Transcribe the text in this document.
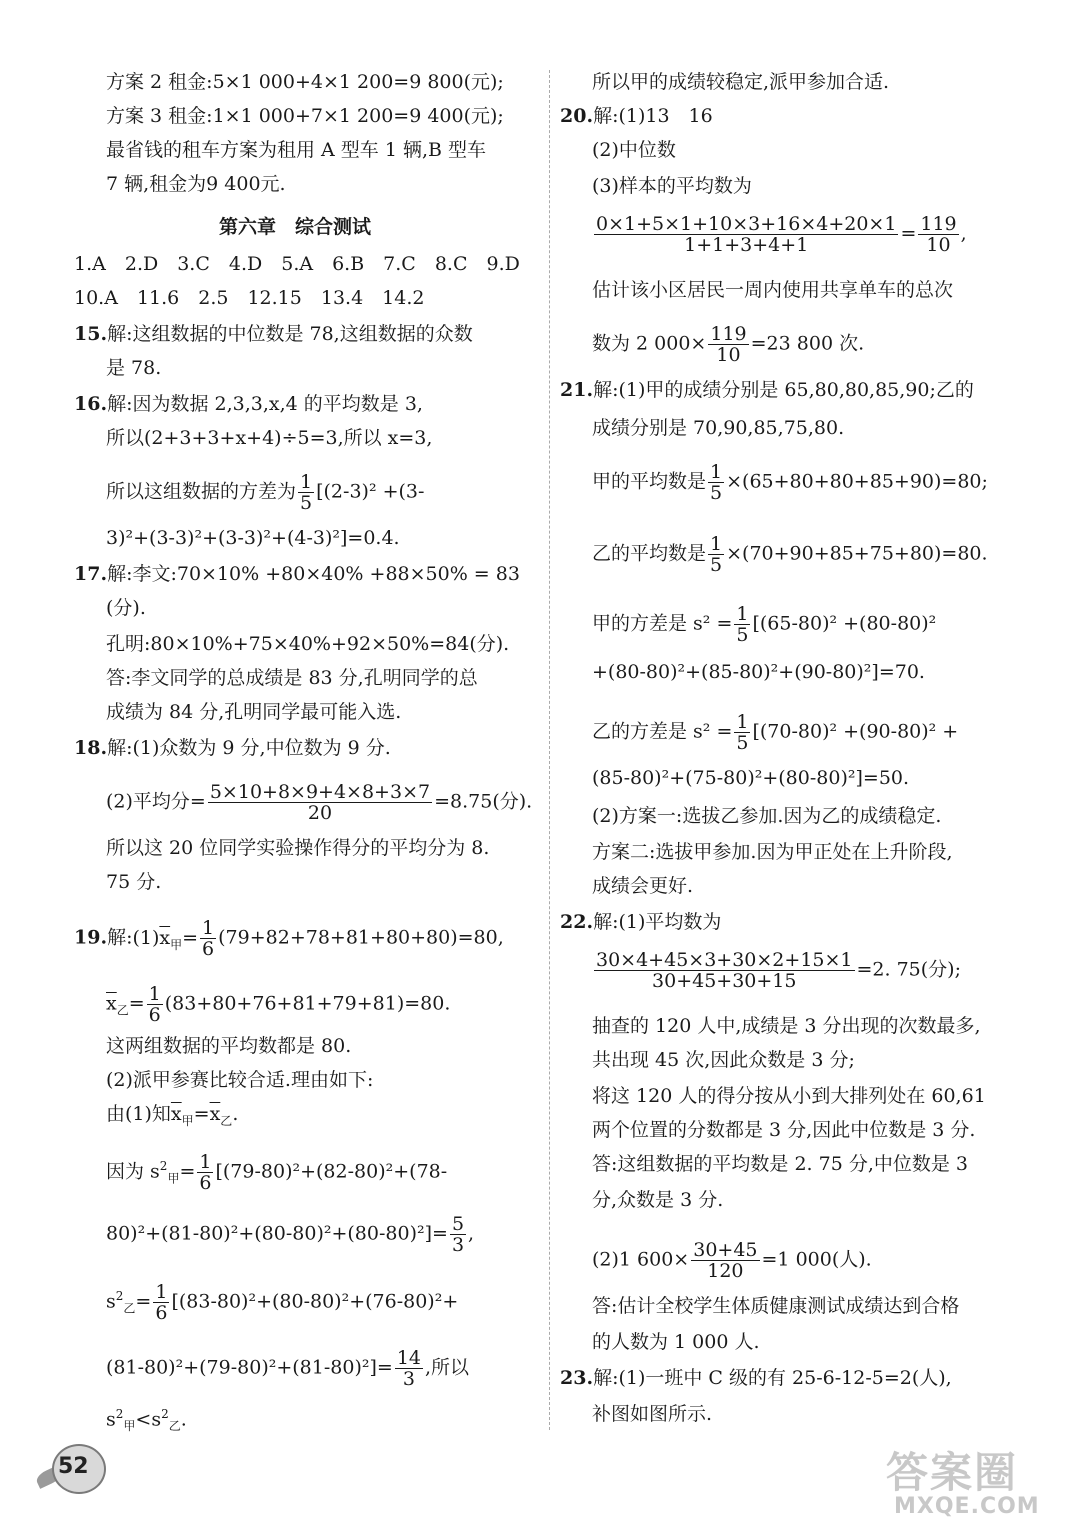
方案 2 租金:5×1 000+4×1 200=9 800(元);
方案 3 租金:1×1 000+7×1 200=9 400(元);
最省钱的租车方案为租用 A 型车 1 辆,B 型车
7 辆,租金为9 400元.
第六章　综合测试
1.A　2.D　3.C　4.D　5.A　6.B　7.C　8.C　9.D
10.A　11.6　2.5　12.15　13.4　14.2
15.解:这组数据的中位数是 78,这组数据的众数
是 78.
16.解:因为数据 2,3,3,x,4 的平均数是 3,
所以(2+3+3+x+4)÷5=3,所以 x=3,
所以这组数据的方差为 $\frac{1}{5} [(2-3)^2 +(3-$
3)²+(3-3)²+(3-3)²+(4-3)²]=0.4.
17.解:李文:70×10% +80×40% +88×50% = 83
(分).
孔明:80×10%+75×40%+92×50%=84(分).
答:李文同学的总成绩是 83 分,孔明同学的总
成绩为 84 分,孔明同学最可能入选.
18.解:(1)众数为 9 分,中位数为 9 分.
(2)平均分= $\frac{5\times 10+8\times 9+4\times 8+3\times 7}{20} =8.75$(分).
所以这 20 位同学实验操作得分的平均分为 8.
75 分.
19.解$:(1)\overline{x}_甲= \frac{1}{6} (79+82+78+81+80+80)=80$,
$\overline{x}_乙= \frac{1}{6} (83+80+76+81+79+81)=80$.
这两组数据的平均数都是 80.
(2)派甲参赛比较合适.理由如下:
由(1)知$\overline{x}_甲=\overline{x}_乙$.
因为 $s^2_甲= \frac{1}{6} [(79-80)^2+(82-80)^2+(78-$
$80)^2+(81-80)^2+(80-80)^2+(80-80)^2]= \frac{5}{3}$ ,
$s^2_乙= \frac{1}{6} [(83-80)^2+(80-80)^2+(76-80)^2+$
$(81-80)^2+(79-80)^2+(81-80)^2]= \frac{14}{3}$ ,所以
$s^2_甲<s^2_乙$.
所以甲的成绩较稳定,派甲参加合适.
20.解:(1)13　16
(2)中位数
(3)样本的平均数为
$\frac{0\times 1+5\times 1+10\times 3+16\times 4+20\times 1}{1+1+3+4+1} = \frac{119}{10}$ ,
估计该小区居民一周内使用共享单车的总次
数为 2 $000\times \frac{119}{10} =23$ 800 次.
21.解:(1)甲的成绩分别是 65,80,80,85,90;乙的
成绩分别是 70,90,85,75,80.
甲的平均数是 $\frac{1}{5} \times(65+80+80+85+90)=80$;
乙的平均数是 $\frac{1}{5} \times(70+90+85+75+80)=80$.
甲的方差是 $s^2 = \frac{1}{5} [(65-80)^2 +(80-80)^2$
+(80-80)²+(85-80)²+(90-80)²]=70.
乙的方差是 $s^2 = \frac{1}{5} [(70-80)^2 +(90-80)^2$ +
(85-80)²+(75-80)²+(80-80)²]=50.
(2)方案一:选拔乙参加.因为乙的成绩稳定.
方案二:选拔甲参加.因为甲正处在上升阶段,
成绩会更好.
22.解:(1)平均数为
$\frac{30\times 4+45\times 3+30\times 2+15\times 1}{30+45+30+15} =2$. 75(分);
抽查的 120 人中,成绩是 3 分出现的次数最多,
共出现 45 次,因此众数是 3 分;
将这 120 人的得分按从小到大排列处在 60,61
两个位置的分数都是 3 分,因此中位数是 3 分.
答:这组数据的平均数是 2. 75 分,中位数是 3
分,众数是 3 分.
(2)1 $600\times \frac{30+45}{120} =1$ 000(人).
答:估计全校学生体质健康测试成绩达到合格
的人数为 1 000 人.
23.解:(1)一班中 C 级的有 25-6-12-5=2(人),
补图如图所示.
52	答案圈
MXQE.COM
